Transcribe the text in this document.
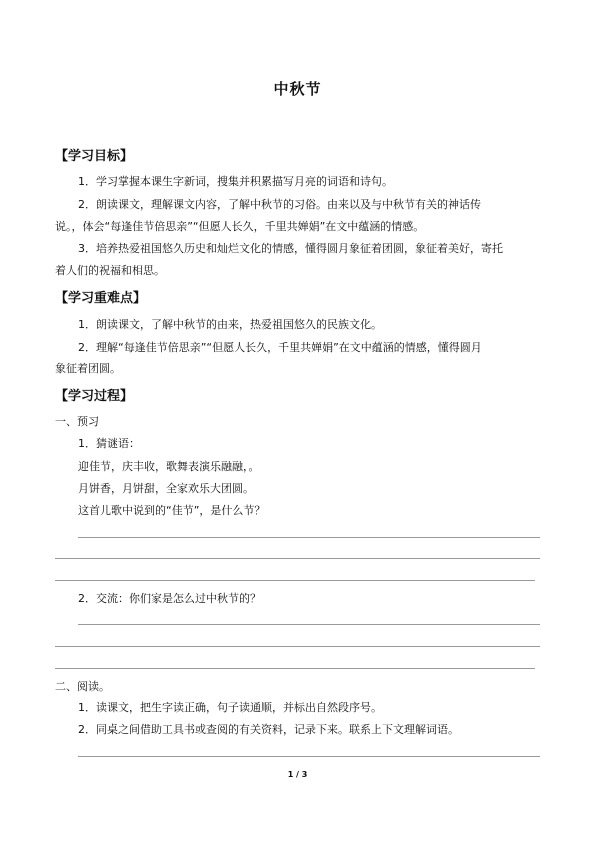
中秋节
【学习目标】
1．学习掌握本课生字新词，搜集并积累描写月亮的词语和诗句。
2．朗读课文，理解课文内容，了解中秋节的习俗。由来以及与中秋节有关的神话传
说。，体会“每逢佳节倍思亲”“但愿人长久，千里共婵娟”在文中蕴涵的情感。
3．培养热爱祖国悠久历史和灿烂文化的情感，懂得圆月象征着团圆，象征着美好，寄托
着人们的祝福和相思。
【学习重难点】
1．朗读课文，了解中秋节的由来，热爱祖国悠久的民族文化。
2．理解“每逢佳节倍思亲”“但愿人长久，千里共婵娟”在文中蕴涵的情感，懂得圆月
象征着团圆。
【学习过程】
一、预习
1．猜谜语：
迎佳节，庆丰收，歌舞表演乐融融，。
月饼香，月饼甜，全家欢乐大团圆。
这首儿歌中说到的“佳节”，是什么节？
2．交流：你们家是怎么过中秋节的？
二、阅读。
1．读课文，把生字读正确，句子读通顺，并标出自然段序号。
2．同桌之间借助工具书或查阅的有关资料，记录下来。联系上下文理解词语。
1 / 3
